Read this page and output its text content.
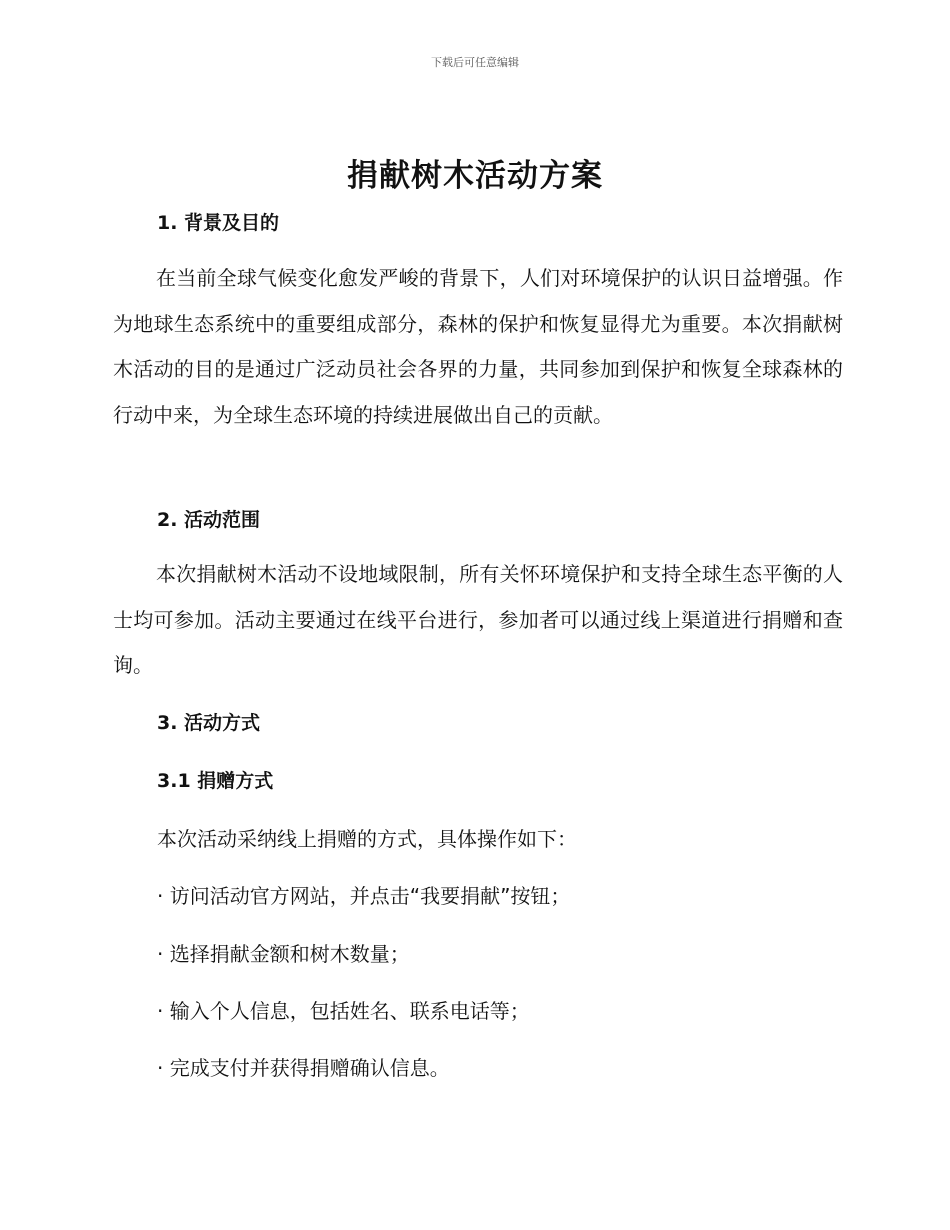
下载后可任意编辑
捐献树木活动方案
1. 背景及目的

在当前全球气候变化愈发严峻的背景下，人们对环境保护的认识日益增强。作为地球生态系统中的重要组成部分，森林的保护和恢复显得尤为重要。本次捐献树木活动的目的是通过广泛动员社会各界的力量，共同参加到保护和恢复全球森林的行动中来，为全球生态环境的持续进展做出自己的贡献。

2. 活动范围

本次捐献树木活动不设地域限制，所有关怀环境保护和支持全球生态平衡的人士均可参加。活动主要通过在线平台进行，参加者可以通过线上渠道进行捐赠和查询。

3. 活动方式
3.1 捐赠方式
本次活动采纳线上捐赠的方式，具体操作如下：
· 访问活动官方网站，并点击“我要捐献”按钮；
· 选择捐献金额和树木数量；
· 输入个人信息，包括姓名、联系电话等；
· 完成支付并获得捐赠确认信息。
